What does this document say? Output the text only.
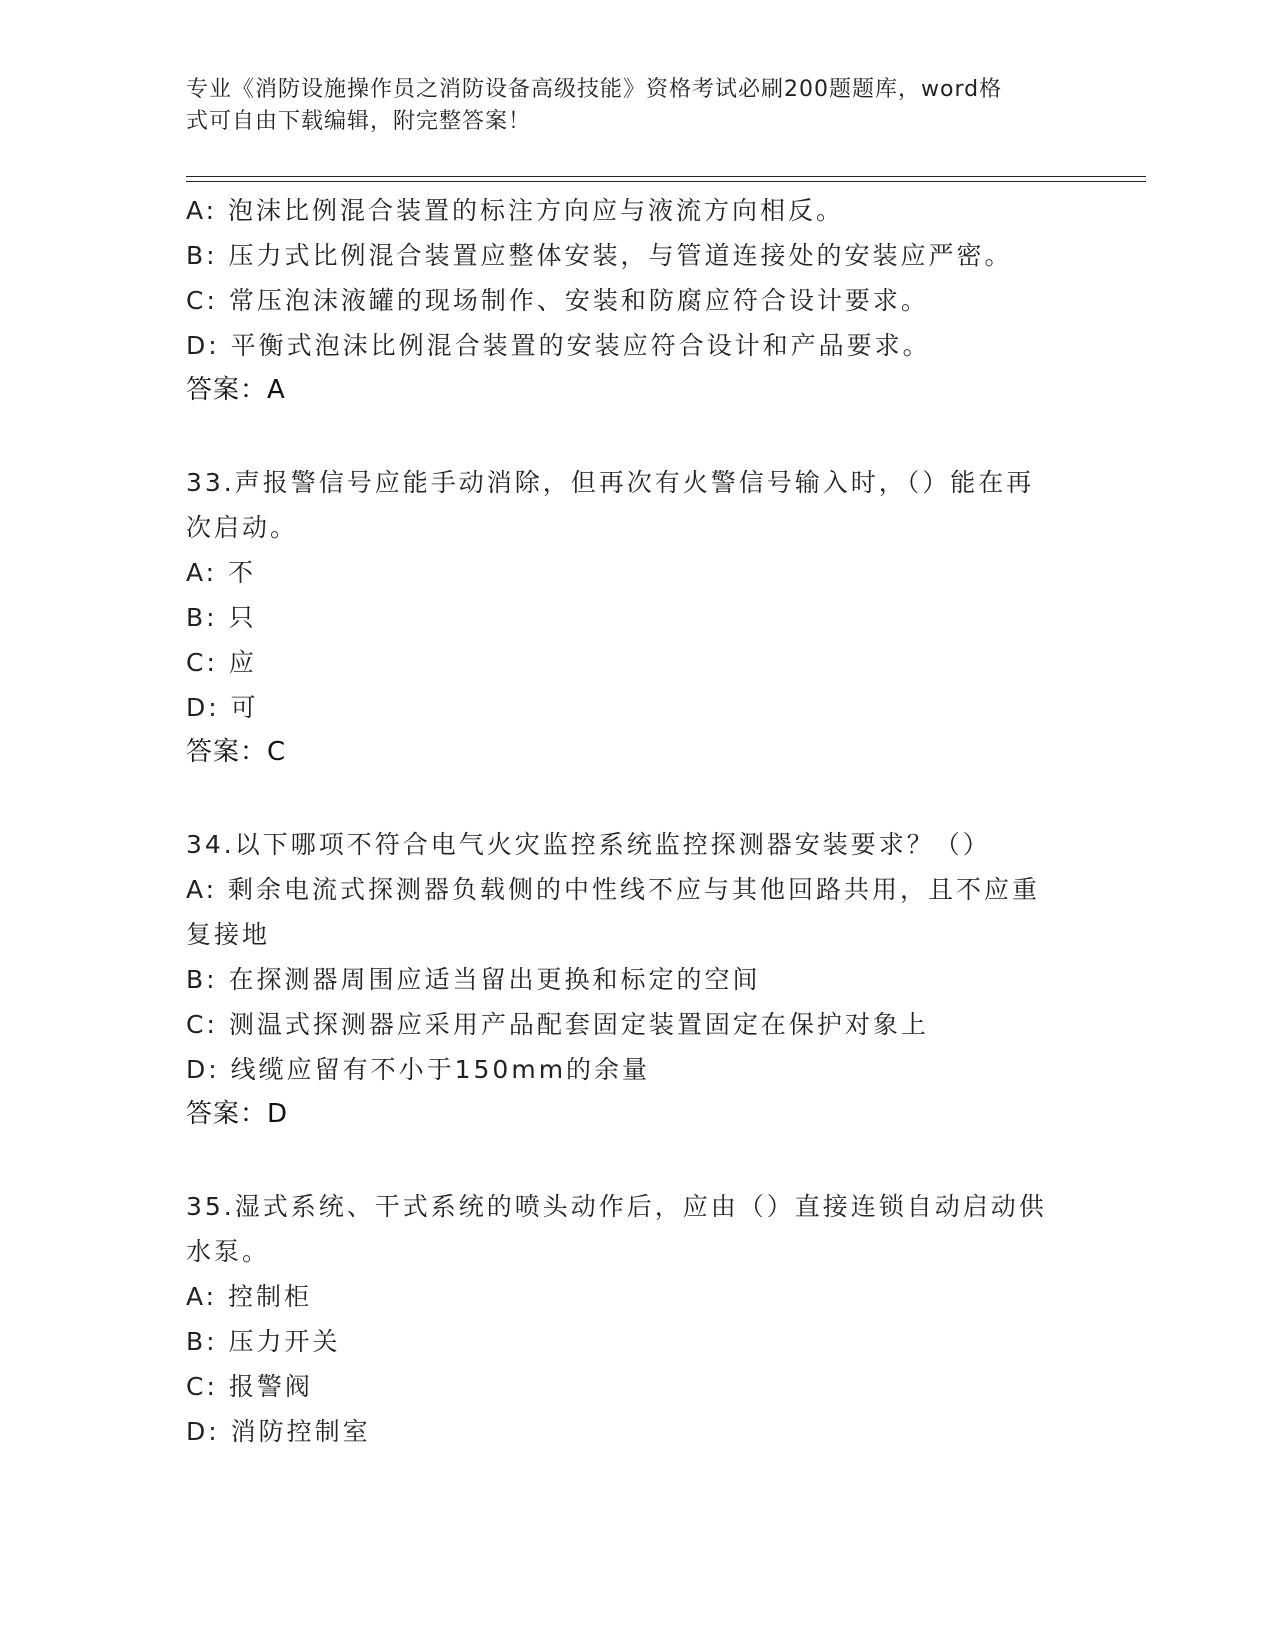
专业《消防设施操作员之消防设备高级技能》资格考试必刷200题题库，word格
式可自由下载编辑，附完整答案！
A: 泡沫比例混合装置的标注方向应与液流方向相反。
B: 压力式比例混合装置应整体安装，与管道连接处的安装应严密。
C: 常压泡沫液罐的现场制作、安装和防腐应符合设计要求。
D: 平衡式泡沫比例混合装置的安装应符合设计和产品要求。
答案：A
33.声报警信号应能手动消除，但再次有火警信号输入时，（）能在再
次启动。
A: 不
B: 只
C: 应
D: 可
答案：C
34.以下哪项不符合电气火灾监控系统监控探测器安装要求？（）
A: 剩余电流式探测器负载侧的中性线不应与其他回路共用，且不应重
复接地
B: 在探测器周围应适当留出更换和标定的空间
C: 测温式探测器应采用产品配套固定装置固定在保护对象上
D: 线缆应留有不小于150mm的余量
答案：D
35.湿式系统、干式系统的喷头动作后，应由（）直接连锁自动启动供
水泵。
A: 控制柜
B: 压力开关
C: 报警阀
D: 消防控制室
